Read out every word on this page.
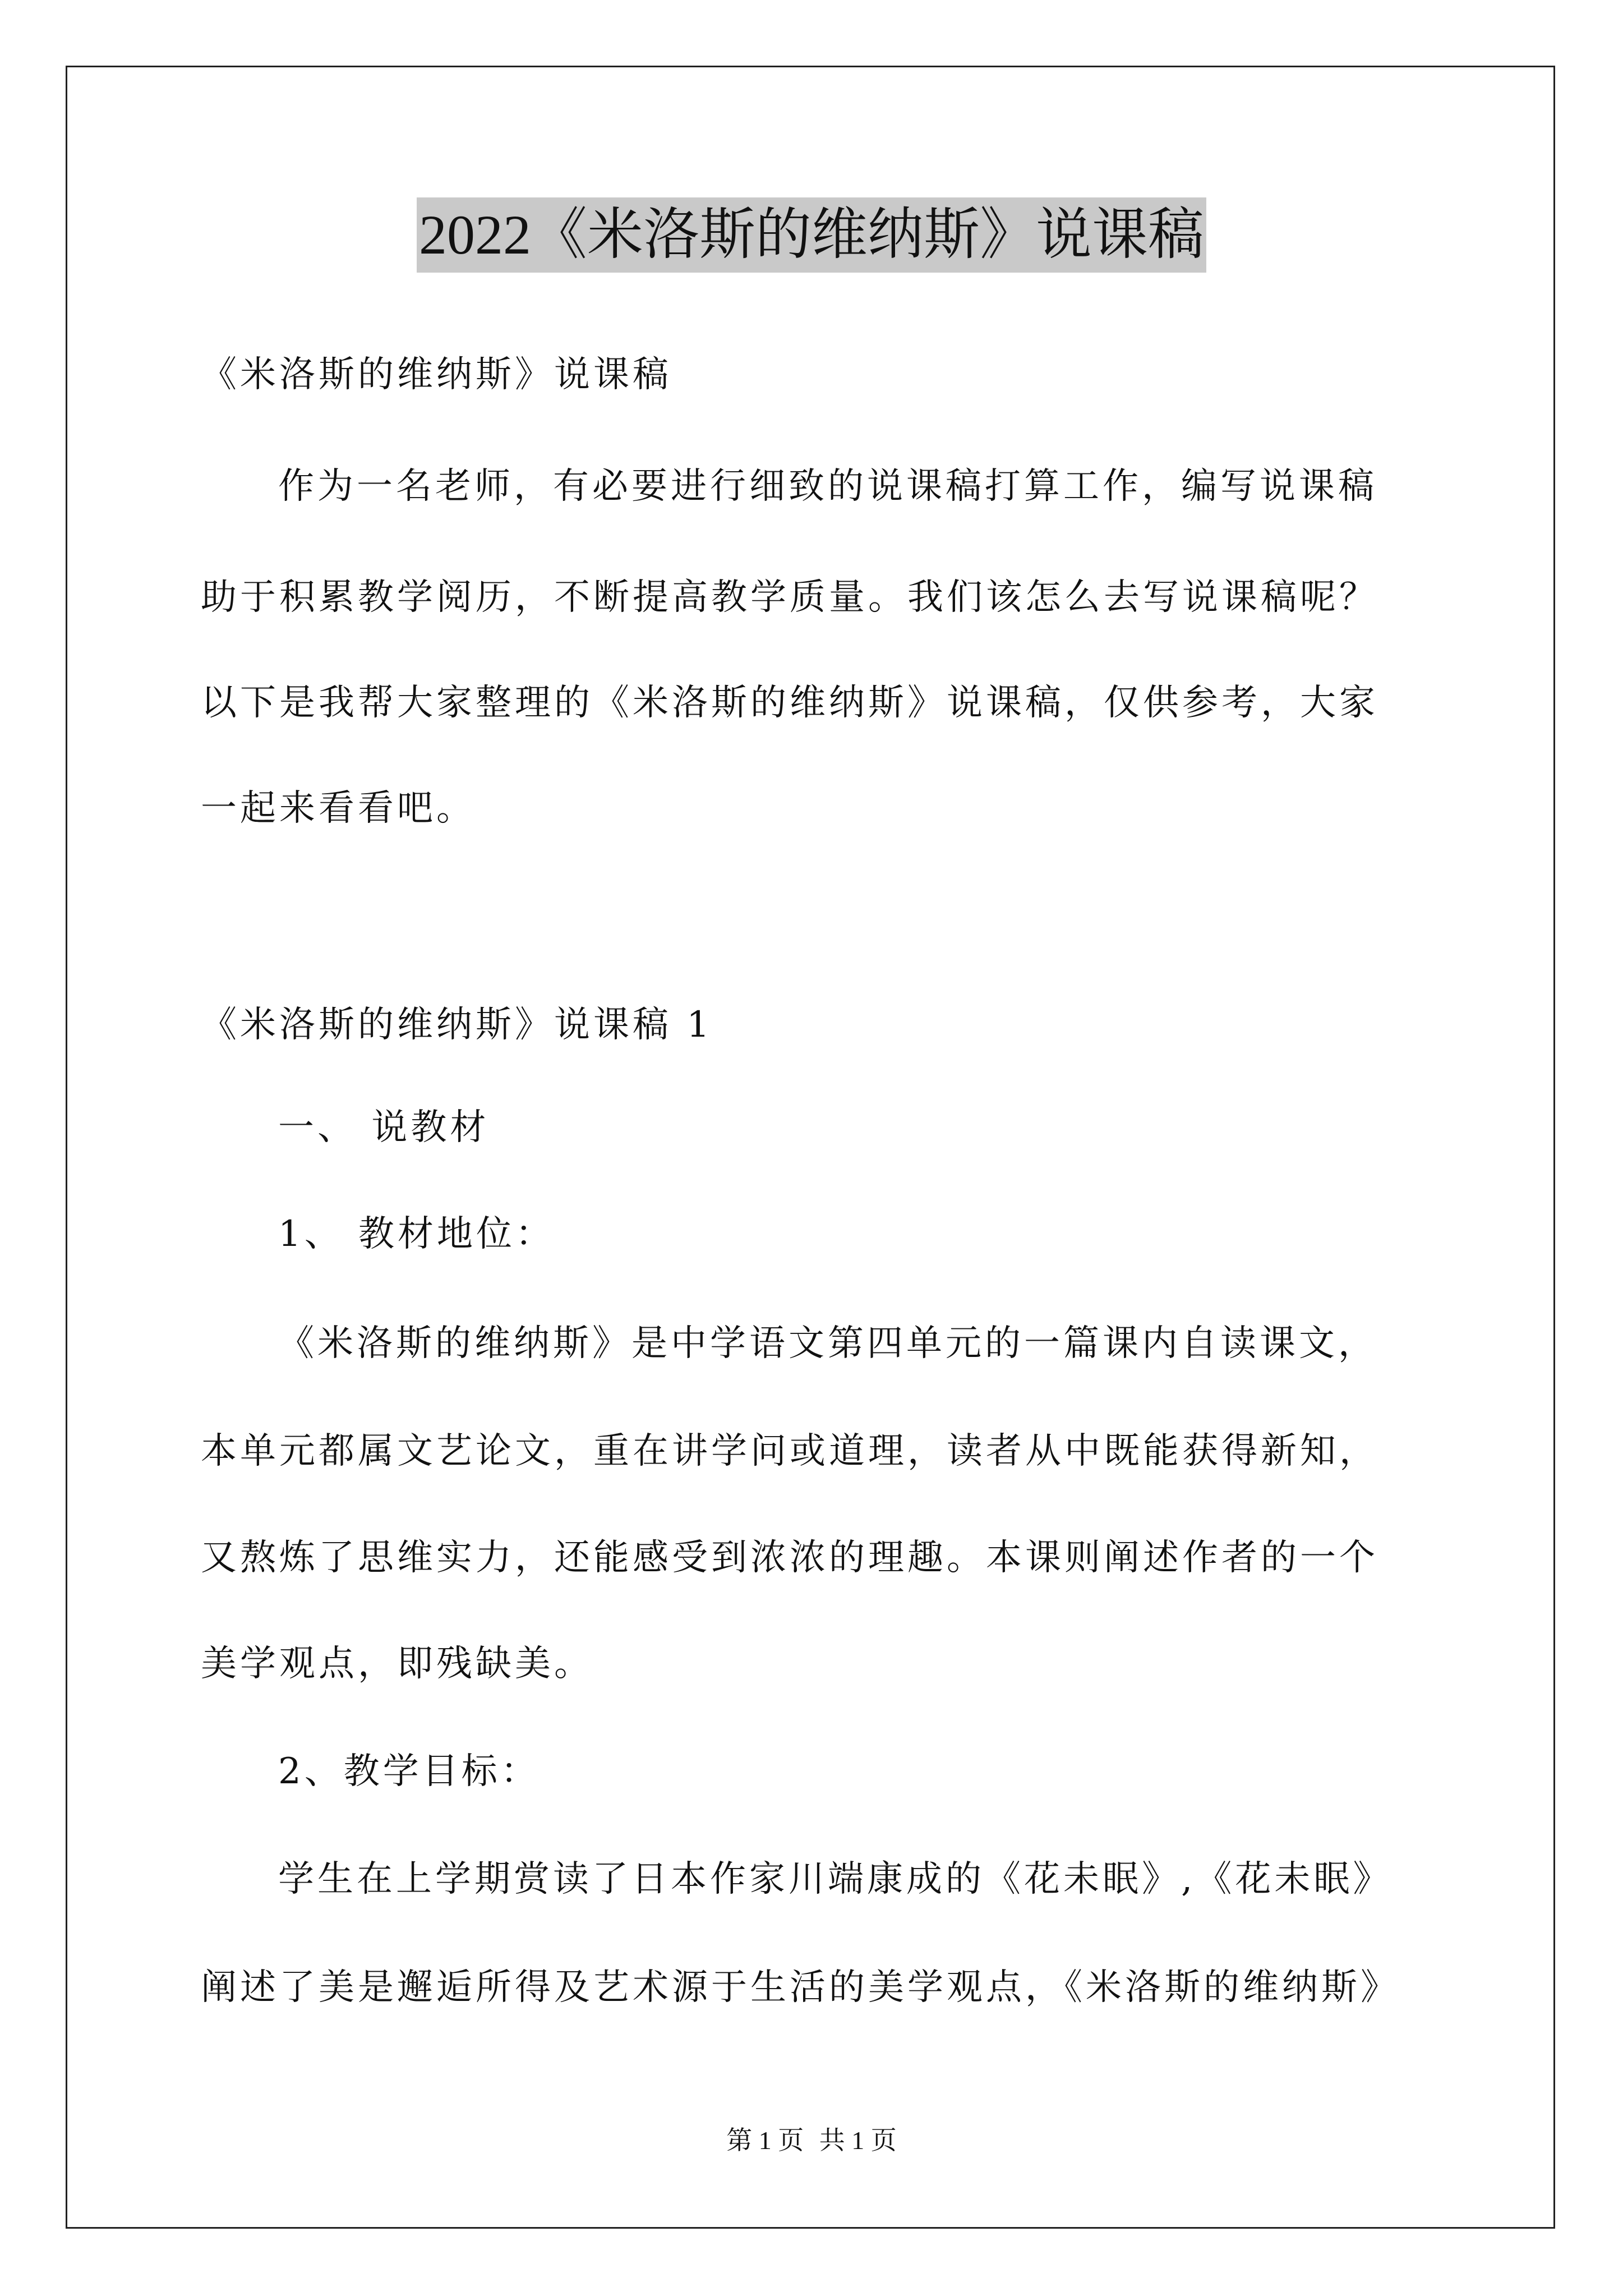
2022《米洛斯的维纳斯》说课稿
《米洛斯的维纳斯》说课稿
作为一名老师，有必要进行细致的说课稿打算工作，编写说课稿
助于积累教学阅历，不断提高教学质量。我们该怎么去写说课稿呢？
以下是我帮大家整理的《米洛斯的维纳斯》说课稿，仅供参考，大家
一起来看看吧。
《米洛斯的维纳斯》说课稿 1
一、 说教材
1、 教材地位：
《米洛斯的维纳斯》是中学语文第四单元的一篇课内自读课文，
本单元都属文艺论文，重在讲学问或道理，读者从中既能获得新知，
又熬炼了思维实力，还能感受到浓浓的理趣。本课则阐述作者的一个
美学观点，即残缺美。
2、教学目标：
学生在上学期赏读了日本作家川端康成的《花未眠》,《花未眠》
阐述了美是邂逅所得及艺术源于生活的美学观点，《米洛斯的维纳斯》
第 1 页 共 1 页
